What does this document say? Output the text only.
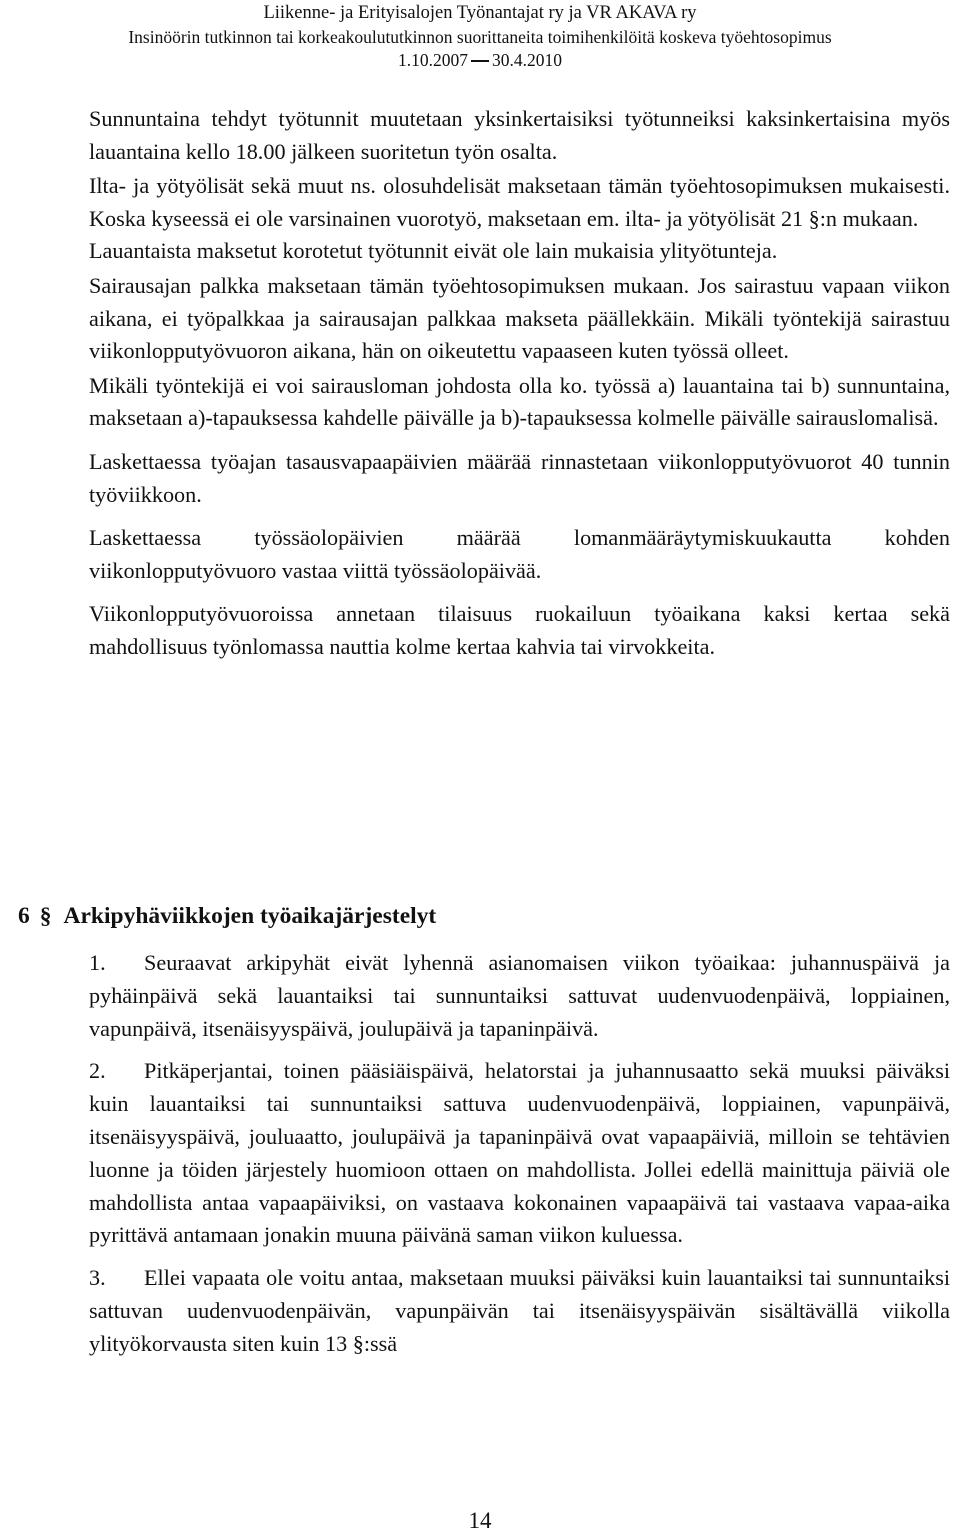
Liikenne- ja Erityisalojen Työnantajat ry ja VR AKAVA ry
Insinöörin tutkinnon tai korkeakoulututkinnon suorittaneita toimihenkilöitä koskeva työehtosopimus
1.10.2007 30.4.2010

Sunnuntaina tehdyt työtunnit muutetaan yksinkertaisiksi työtunneiksi kaksinkertaisina myös lauantaina kello 18.00 jälkeen suoritetun työn osalta.

Ilta- ja yötyölisät sekä muut ns. olosuhdelisät maksetaan tämän työehtosopimuksen mukaisesti. Koska kyseessä ei ole varsinainen vuorotyö, maksetaan em. ilta- ja yötyölisät 21 §:n mukaan.

Lauantaista maksetut korotetut työtunnit eivät ole lain mukaisia ylityötunteja.

Sairausajan palkka maksetaan tämän työehtosopimuksen mukaan. Jos sairastuu vapaan viikon aikana, ei työpalkkaa ja sairausajan palkkaa makseta päällekkäin. Mikäli työntekijä sairastuu viikonlopputyövuoron aikana, hän on oikeutettu vapaaseen kuten työssä olleet.

Mikäli työntekijä ei voi sairausloman johdosta olla ko. työssä a) lauantaina tai b) sunnuntaina, maksetaan a)-tapauksessa kahdelle päivälle ja b)-tapauksessa kolmelle päivälle sairauslomalisä.

Laskettaessa työajan tasausvapaapäivien määrää rinnastetaan viikonlopputyövuorot 40 tunnin työviikkoon.

Laskettaessa työssäolopäivien määrää lomanmääräytymiskuukautta kohden viikonlopputyövuoro vastaa viittä työssäolopäivää.

Viikonlopputyövuoroissa annetaan tilaisuus ruokailuun työaikana kaksi kertaa sekä mahdollisuus työnlomassa nauttia kolme kertaa kahvia tai virvokkeita.

6 § Arkipyhäviikkojen työaikajärjestelyt

1. Seuraavat arkipyhät eivät lyhennä asianomaisen viikon työaikaa: juhannuspäivä ja pyhäinpäivä sekä lauantaiksi tai sunnuntaiksi sattuvat uudenvuodenpäivä, loppiainen, vapunpäivä, itsenäisyyspäivä, joulupäivä ja tapaninpäivä.

2. Pitkäperjantai, toinen pääsiäispäivä, helatorstai ja juhannusaatto sekä muuksi päiväksi kuin lauantaiksi tai sunnuntaiksi sattuva uudenvuodenpäivä, loppiainen, vapunpäivä, itsenäisyyspäivä, jouluaatto, joulupäivä ja tapaninpäivä ovat vapaapäiviä, milloin se tehtävien luonne ja töiden järjestely huomioon ottaen on mahdollista. Jollei edellä mainittuja päiviä ole mahdollista antaa vapaapäiviksi, on vastaava kokonainen vapaapäivä tai vastaava vapaa-aika pyrittävä antamaan jonakin muuna päivänä saman viikon kuluessa.

3. Ellei vapaata ole voitu antaa, maksetaan muuksi päiväksi kuin lauantaiksi tai sunnuntaiksi sattuvan uudenvuodenpäivän, vapunpäivän tai itsenäisyyspäivän sisältävällä viikolla ylityökorvausta siten kuin 13 §:ssä

14
